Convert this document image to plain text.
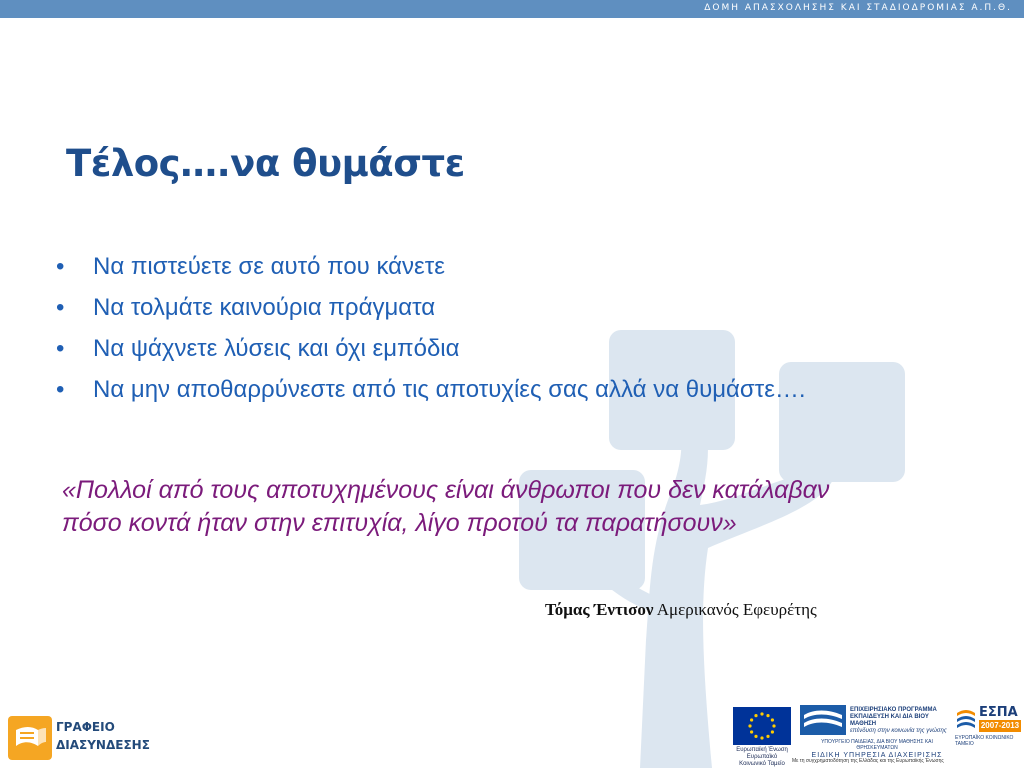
ΔΟΜΗ ΑΠΑΣΧΟΛΗΣΗΣ ΚΑΙ ΣΤΑΔΙΟΔΡΟΜΙΑΣ Α.Π.Θ.
Τέλος….να θυμάστε
• Να πιστεύετε σε αυτό που κάνετε
• Να τολμάτε καινούρια πράγματα
• Να ψάχνετε λύσεις και όχι εμπόδια
• Να μην αποθαρρύνεστε από τις αποτυχίες σας αλλά να θυμάστε….

«Πολλοί από τους αποτυχημένους είναι άνθρωποι που δεν κατάλαβαν πόσο κοντά ήταν στην επιτυχία, λίγο προτού τα παρατήσουν»

Τόμας Έντισον Αμερικανός Εφευρέτης
ΓΡΑΦΕΙΟ
ΔΙΑΣΥΝΔΕΣΗΣ	Ευρωπαϊκή Ένωση
Ευρωπαϊκό Κοινωνικό Ταμείο
ΕΠΙΧΕΙΡΗΣΙΑΚΟ ΠΡΟΓΡΑΜΜΑ
ΕΚΠΑΙΔΕΥΣΗ ΚΑΙ ΔΙΑ ΒΙΟΥ ΜΑΘΗΣΗ
επένδυση στην κοινωνία της γνώσης
ΥΠΟΥΡΓΕΙΟ ΠΑΙΔΕΙΑΣ, ΔΙΑ ΒΙΟΥ ΜΑΘΗΣΗΣ ΚΑΙ ΘΡΗΣΚΕΥΜΑΤΩΝ
ΕΙΔΙΚΗ ΥΠΗΡΕΣΙΑ ΔΙΑΧΕΙΡΙΣΗΣ
ΕΣΠΑ
2007-2013
ΕΥΡΩΠΑΪΚΟ ΚΟΙΝΩΝΙΚΟ ΤΑΜΕΙΟ
Με τη συγχρηματοδότηση της Ελλάδας και της Ευρωπαϊκής Ένωσης
